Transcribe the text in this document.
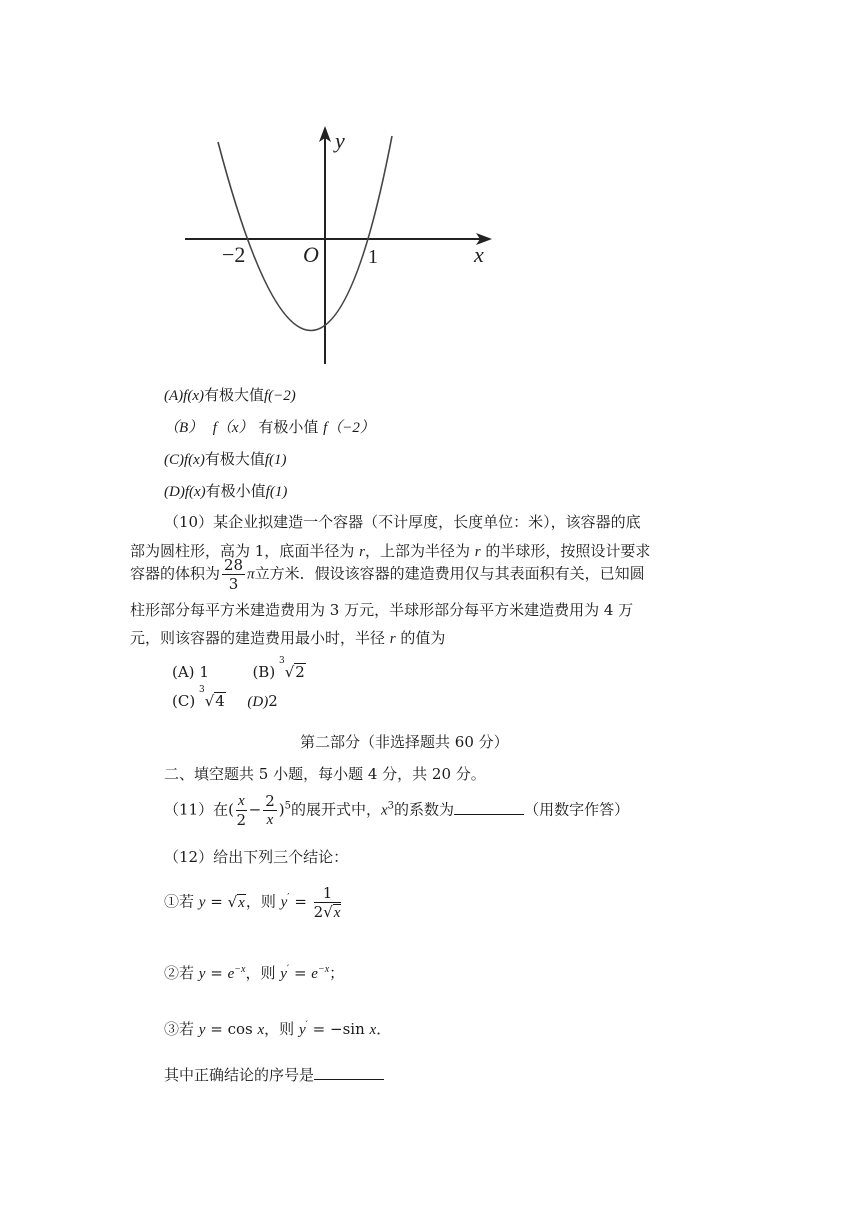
y
x
O
−2	1
(A)f(x)有极大值f(−2)
（B） f（x） 有极小值 f（−2）
(C)f(x)有极大值f(1)
(D)f(x)有极小值f(1)
（10）某企业拟建造一个容器（不计厚度，长度单位：米），该容器的底
部为圆柱形，高为 1，底面半径为 r，上部为半径为 r 的半球形，按照设计要求
容器的体积为 $\frac{28}{3}$ π立方米．假设该容器的建造费用仅与其表面积有关，已知圆
柱形部分每平方米建造费用为 3 万元，半球形部分每平方米建造费用为 4 万
元，则该容器的建造费用最小时，半径 r 的值为
(A) 1	(B)
3
√2
(C)
3
√4 (D)2
第二部分（非选择题共 60 分）
二、填空题共 5 小题，每小题 4 分，共 20 分。
（11）在( $\frac{x}{2} - \frac{2}{x} )^5$的展开式中，$x^3$的系数为	（用数字作答）
（12）给出下列三个结论：
①若 y = √x，则 $y' = \frac{1}{2√x}$
②若 $y = e^{-x}$，则 $y' = e^{-x}$；
③若 y = cos x，则 y′ = −sin x．
其中正确结论的序号是
